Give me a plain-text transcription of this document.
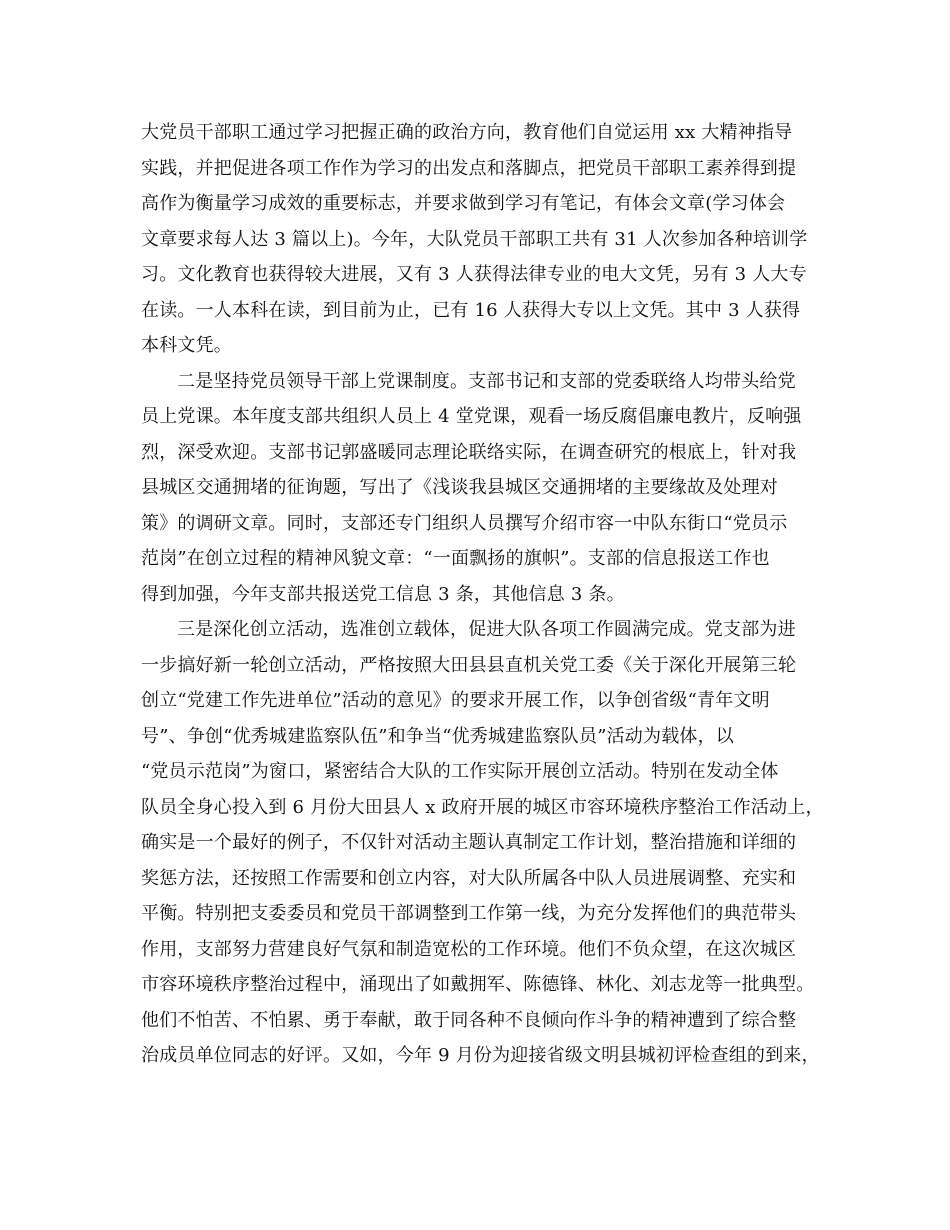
大党员干部职工通过学习把握正确的政治方向，教育他们自觉运用 xx 大精神指导
实践，并把促进各项工作作为学习的出发点和落脚点，把党员干部职工素养得到提
高作为衡量学习成效的重要标志，并要求做到学习有笔记，有体会文章(学习体会
文章要求每人达 3 篇以上)。今年，大队党员干部职工共有 31 人次参加各种培训学
习。文化教育也获得较大进展，又有 3 人获得法律专业的电大文凭，另有 3 人大专
在读。一人本科在读，到目前为止，已有 16 人获得大专以上文凭。其中 3 人获得
本科文凭。
二是坚持党员领导干部上党课制度。支部书记和支部的党委联络人均带头给党
员上党课。本年度支部共组织人员上 4 堂党课，观看一场反腐倡廉电教片，反响强
烈，深受欢迎。支部书记郭盛暖同志理论联络实际，在调查研究的根底上，针对我
县城区交通拥堵的征询题，写出了《浅谈我县城区交通拥堵的主要缘故及处理对
策》的调研文章。同时，支部还专门组织人员撰写介绍市容一中队东街口“党员示
范岗”在创立过程的精神风貌文章：“一面飘扬的旗帜”。支部的信息报送工作也
得到加强，今年支部共报送党工信息 3 条，其他信息 3 条。
三是深化创立活动，选准创立载体，促进大队各项工作圆满完成。党支部为进
一步搞好新一轮创立活动，严格按照大田县县直机关党工委《关于深化开展第三轮
创立“党建工作先进单位”活动的意见》的要求开展工作，以争创省级“青年文明
号”、争创“优秀城建监察队伍”和争当“优秀城建监察队员”活动为载体，以
“党员示范岗”为窗口，紧密结合大队的工作实际开展创立活动。特别在发动全体
队员全身心投入到 6 月份大田县人 x 政府开展的城区市容环境秩序整治工作活动上，
确实是一个最好的例子，不仅针对活动主题认真制定工作计划，整治措施和详细的
奖惩方法，还按照工作需要和创立内容，对大队所属各中队人员进展调整、充实和
平衡。特别把支委委员和党员干部调整到工作第一线，为充分发挥他们的典范带头
作用，支部努力营建良好气氛和制造宽松的工作环境。他们不负众望，在这次城区
市容环境秩序整治过程中，涌现出了如戴拥军、陈德锋、林化、刘志龙等一批典型。
他们不怕苦、不怕累、勇于奉献，敢于同各种不良倾向作斗争的精神遭到了综合整
治成员单位同志的好评。又如，今年 9 月份为迎接省级文明县城初评检查组的到来，
